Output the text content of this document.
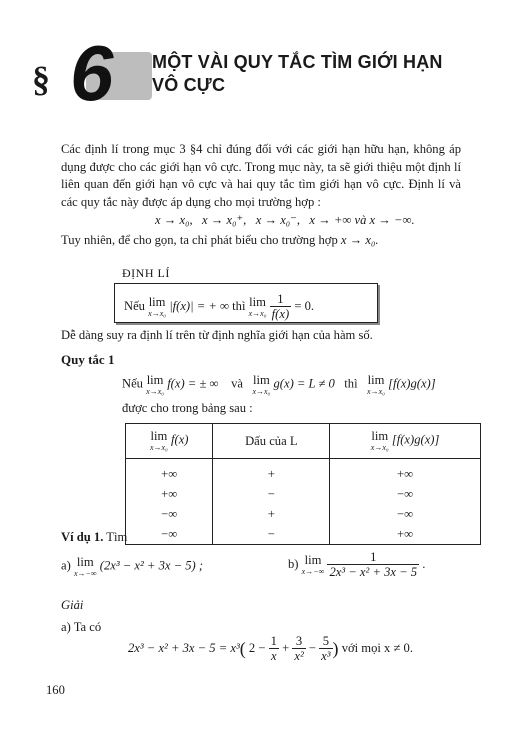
§ 6 MỘT VÀI QUY TẮC TÌM GIỚI HẠN
VÔ CỰC
Các định lí trong mục 3 §4 chỉ đúng đối với các giới hạn hữu hạn, không áp dụng được cho các giới hạn vô cực. Trong mục này, ta sẽ giới thiệu một định lí liên quan đến giới hạn vô cực và hai quy tắc tìm giới hạn vô cực. Định lí và các quy tắc này được áp dụng cho mọi trường hợp :
x → x₀,   x → x₀⁺,   x → x₀⁻,   x → +∞ và x → −∞.
Tuy nhiên, để cho gọn, ta chỉ phát biểu cho trường hợp x → x₀.
ĐỊNH LÍ
Nếu lim
x→x₀
|f(x)| = + ∞ thì lim
x→x₀
$\frac{1}{f(x)} = 0$.
Dễ dàng suy ra định lí trên từ định nghĩa giới hạn của hàm số.
Quy tắc 1
Nếu lim
x→x₀
f(x) = ± ∞ và lim
x→x₀
g(x) = L ≠ 0 thì lim
x→x₀
[f(x)g(x)]
được cho trong bảng sau :
lim
x→x₀
f(x)	Dấu của L	lim
x→x₀
[f(x)g(x)]
+∞	+	+∞
+∞	−	−∞
−∞	+	−∞
−∞	−	+∞
Ví dụ 1. Tìm
a) lim
x→−∞
(2x³ − x² + 3x − 5) ;	b) lim
x→−∞
$\frac{1}{\text{2x³ − x² + 3x − 5}}$ .
Giải
a) Ta có
2x³ − x² + 3x − 5 = x³( $2 - \frac{1}{x} + \frac{3}{\text{x²}} - \frac{5}{\text{x³}}$ ) với mọi x ≠ 0.
160
